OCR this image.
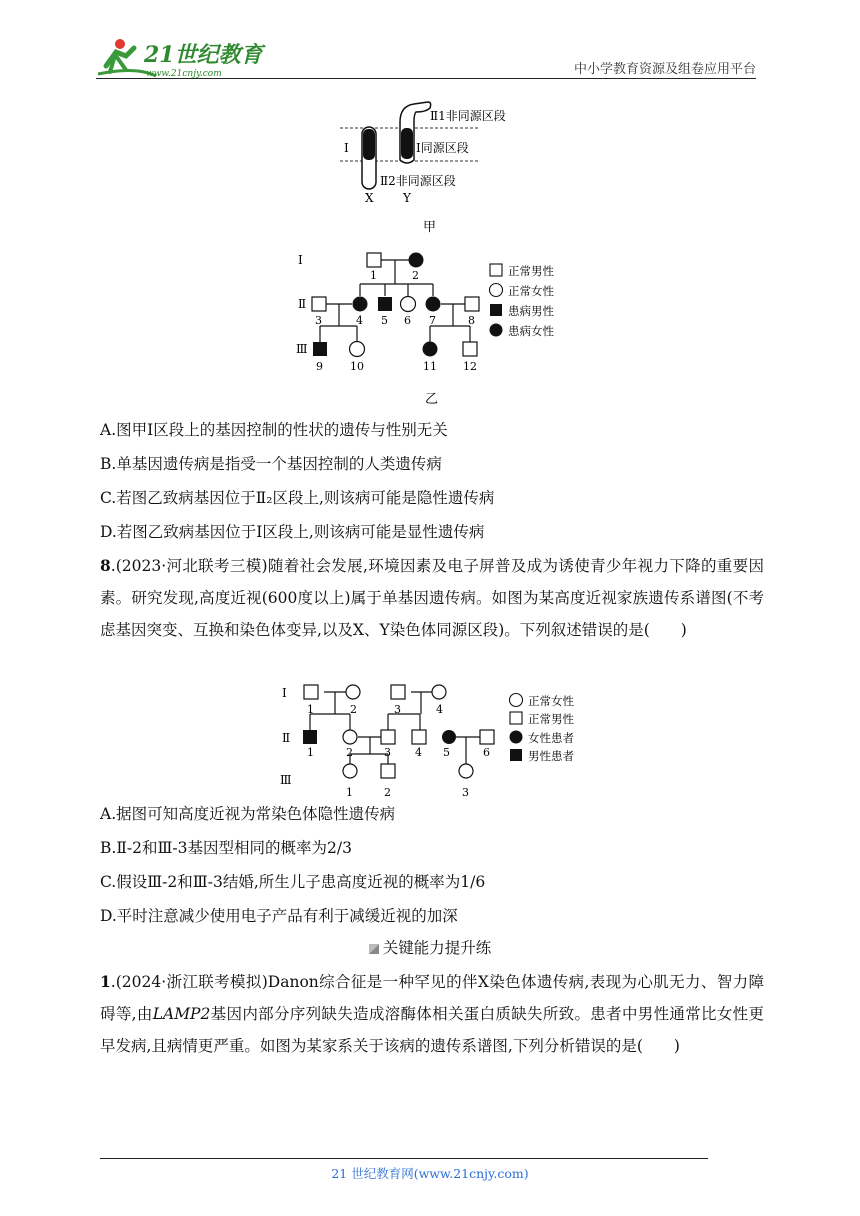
21世纪教育
www.21cnjy.com	中小学教育资源及组卷应用平台
Ⅱ1非同源区段
Ⅰ同源区段
Ⅱ2非同源区段
Ⅰ
X Y
甲
Ⅰ
Ⅱ
Ⅲ
1	2
3	4 5 6 7	8
9 10	11 12
正常男性
正常女性
患病男性
患病女性
乙
A.图甲Ⅰ区段上的基因控制的性状的遗传与性别无关
B.单基因遗传病是指受一个基因控制的人类遗传病
C.若图乙致病基因位于Ⅱ₂区段上,则该病可能是隐性遗传病
D.若图乙致病基因位于Ⅰ区段上,则该病可能是显性遗传病
8.(2023·河北联考三模)随着社会发展,环境因素及电子屏普及成为诱使青少年视力下降的重要因素。研究发现,高度近视(600度以上)属于单基因遗传病。如图为某高度近视家族遗传系谱图(不考虑基因突变、互换和染色体变异,以及X、Y染色体同源区段)。下列叙述错误的是(　　)
Ⅰ
Ⅱ
Ⅲ
1	2	3	4
1	2	3 4 5	6
1	2	3
正常女性
正常男性
女性患者
男性患者
A.据图可知高度近视为常染色体隐性遗传病
B.Ⅱ-2和Ⅲ-3基因型相同的概率为2/3
C.假设Ⅲ-2和Ⅲ-3结婚,所生儿子患高度近视的概率为1/6
D.平时注意减少使用电子产品有利于减缓近视的加深
关键能力提升练
1.(2024·浙江联考模拟)Danon综合征是一种罕见的伴X染色体遗传病,表现为心肌无力、智力障碍等,由LAMP2基因内部分序列缺失造成溶酶体相关蛋白质缺失所致。患者中男性通常比女性更早发病,且病情更严重。如图为某家系关于该病的遗传系谱图,下列分析错误的是(　　)
21 世纪教育网(www.21cnjy.com)
